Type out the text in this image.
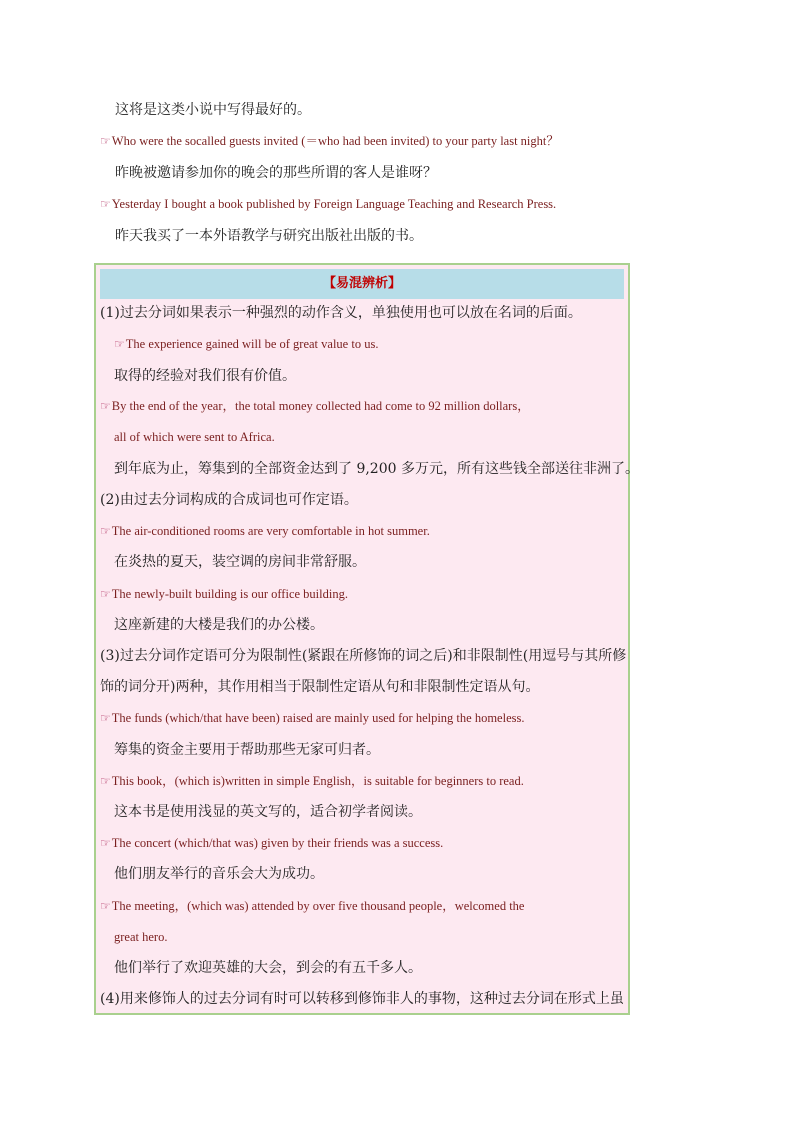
这将是这类小说中写得最好的。
☞Who were the socalled guests invited (＝who had been invited) to your party last night？
昨晚被邀请参加你的晚会的那些所谓的客人是谁呀？
☞Yesterday I bought a book published by Foreign Language Teaching and Research Press.
昨天我买了一本外语教学与研究出版社出版的书。
【易混辨析】
(1)过去分词如果表示一种强烈的动作含义，单独使用也可以放在名词的后面。
☞The experience gained will be of great value to us.
取得的经验对我们很有价值。
☞By the end of the year，the total money collected had come to 92 million dollars，
all of which were sent to Africa.
到年底为止，筹集到的全部资金达到了 9,200 多万元，所有这些钱全部送往非洲了。
(2)由过去分词构成的合成词也可作定语。
☞The air-conditioned rooms are very comfortable in hot summer.
在炎热的夏天，装空调的房间非常舒服。
☞The newly-built building is our office building.
这座新建的大楼是我们的办公楼。
(3)过去分词作定语可分为限制性(紧跟在所修饰的词之后)和非限制性(用逗号与其所修
饰的词分开)两种，其作用相当于限制性定语从句和非限制性定语从句。
☞The funds (which/that have been) raised are mainly used for helping the homeless.
筹集的资金主要用于帮助那些无家可归者。
☞This book，(which is)written in simple English，is suitable for beginners to read.
这本书是使用浅显的英文写的，适合初学者阅读。
☞The concert (which/that was) given by their friends was a success.
他们朋友举行的音乐会大为成功。
☞The meeting，(which was) attended by over five thousand people，welcomed the
great hero.
他们举行了欢迎英雄的大会，到会的有五千多人。
(4)用来修饰人的过去分词有时可以转移到修饰非人的事物，这种过去分词在形式上虽
